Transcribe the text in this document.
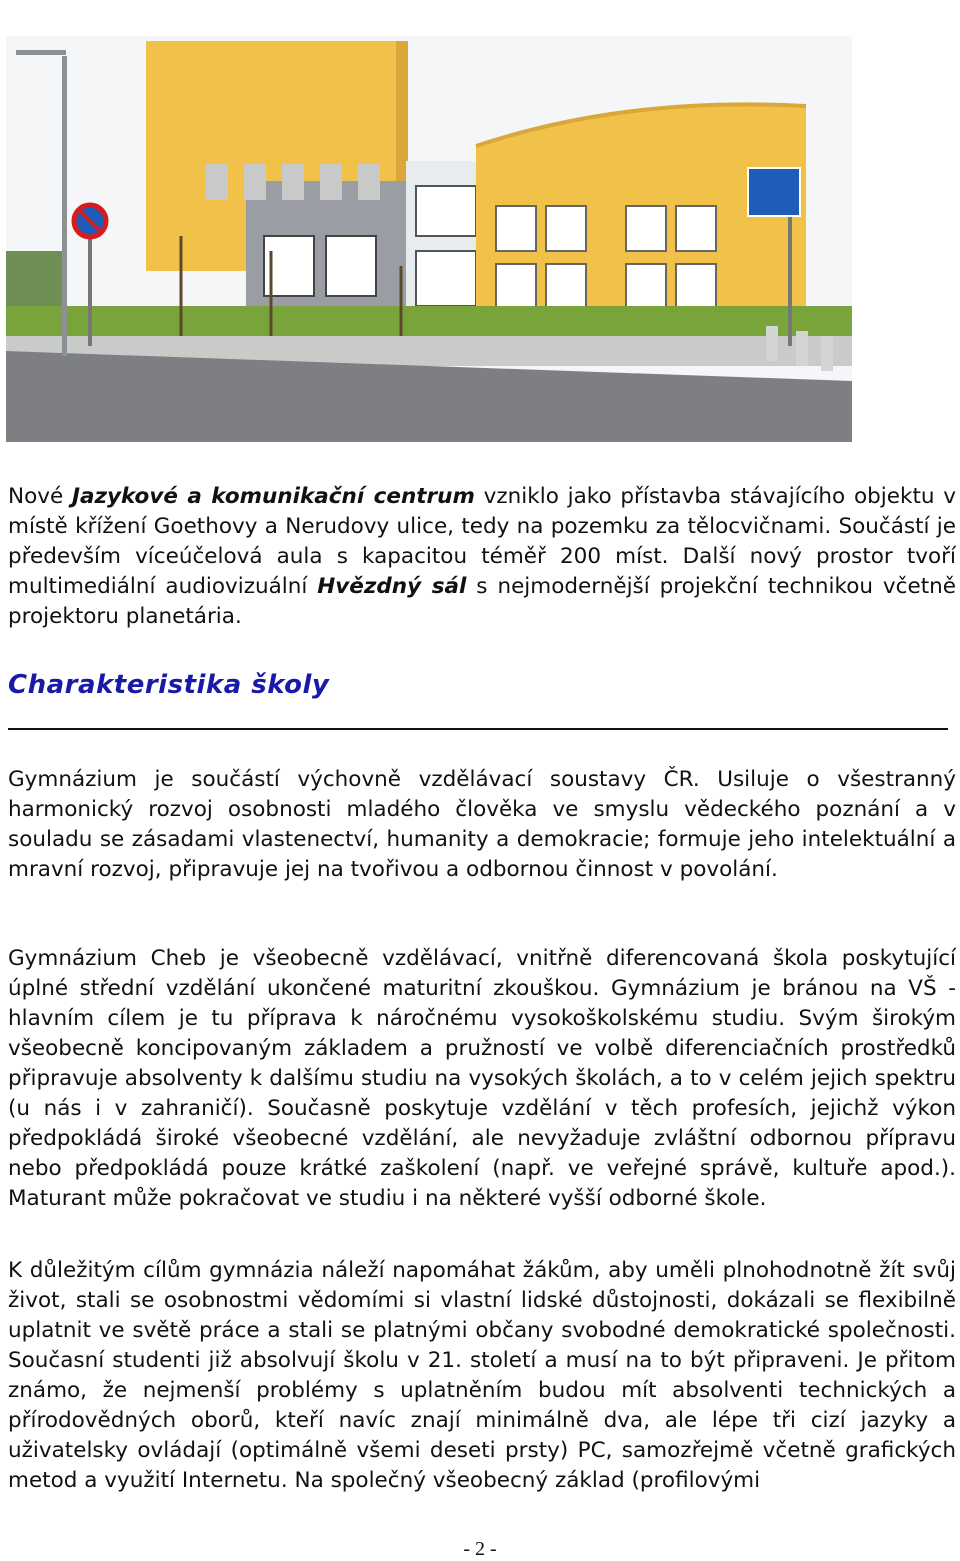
Nové Jazykové a komunikační centrum vzniklo jako přístavba stávajícího objektu v místě křížení Goethovy a Nerudovy ulice, tedy na pozemku za tělocvičnami. Součástí je především víceúčelová aula s kapacitou téměř 200 míst. Další nový prostor tvoří multimediální audiovizuální Hvězdný sál s nejmodernější projekční technikou včetně projektoru planetária.
Charakteristika školy
Gymnázium je součástí výchovně vzdělávací soustavy ČR. Usiluje o všestranný harmonický rozvoj osobnosti mladého člověka ve smyslu vědeckého poznání a v souladu se zásadami vlastenectví, humanity a demokracie; formuje jeho intelektuální a mravní rozvoj, připravuje jej na tvořivou a odbornou činnost v povolání.
Gymnázium Cheb je všeobecně vzdělávací, vnitřně diferencovaná škola poskytující úplné střední vzdělání ukončené maturitní zkouškou. Gymnázium je bránou na VŠ - hlavním cílem je tu příprava k náročnému vysokoškolskému studiu. Svým širokým všeobecně koncipovaným základem a pružností ve volbě diferenciačních prostředků připravuje absolventy k dalšímu studiu na vysokých školách, a to v celém jejich spektru (u nás i v zahraničí). Současně poskytuje vzdělání v těch profesích, jejichž výkon předpokládá široké všeobecné vzdělání, ale nevyžaduje zvláštní odbornou přípravu nebo předpokládá pouze krátké zaškolení (např. ve veřejné správě, kultuře apod.). Maturant může pokračovat ve studiu i na některé vyšší odborné škole.
K důležitým cílům gymnázia náleží napomáhat žákům, aby uměli plnohodnotně žít svůj život, stali se osobnostmi vědomími si vlastní lidské důstojnosti, dokázali se flexibilně uplatnit ve světě práce a stali se platnými občany svobodné demokratické společnosti. Současní studenti již absolvují školu v 21. století a musí na to být připraveni. Je přitom známo, že nejmenší problémy s uplatněním budou mít absolventi technických a přírodovědných oborů, kteří navíc znají minimálně dva, ale lépe tři cizí jazyky a uživatelsky ovládají (optimálně všemi deseti prsty) PC, samozřejmě včetně grafických metod a využití Internetu. Na společný všeobecný základ (profilovými
- 2 -
